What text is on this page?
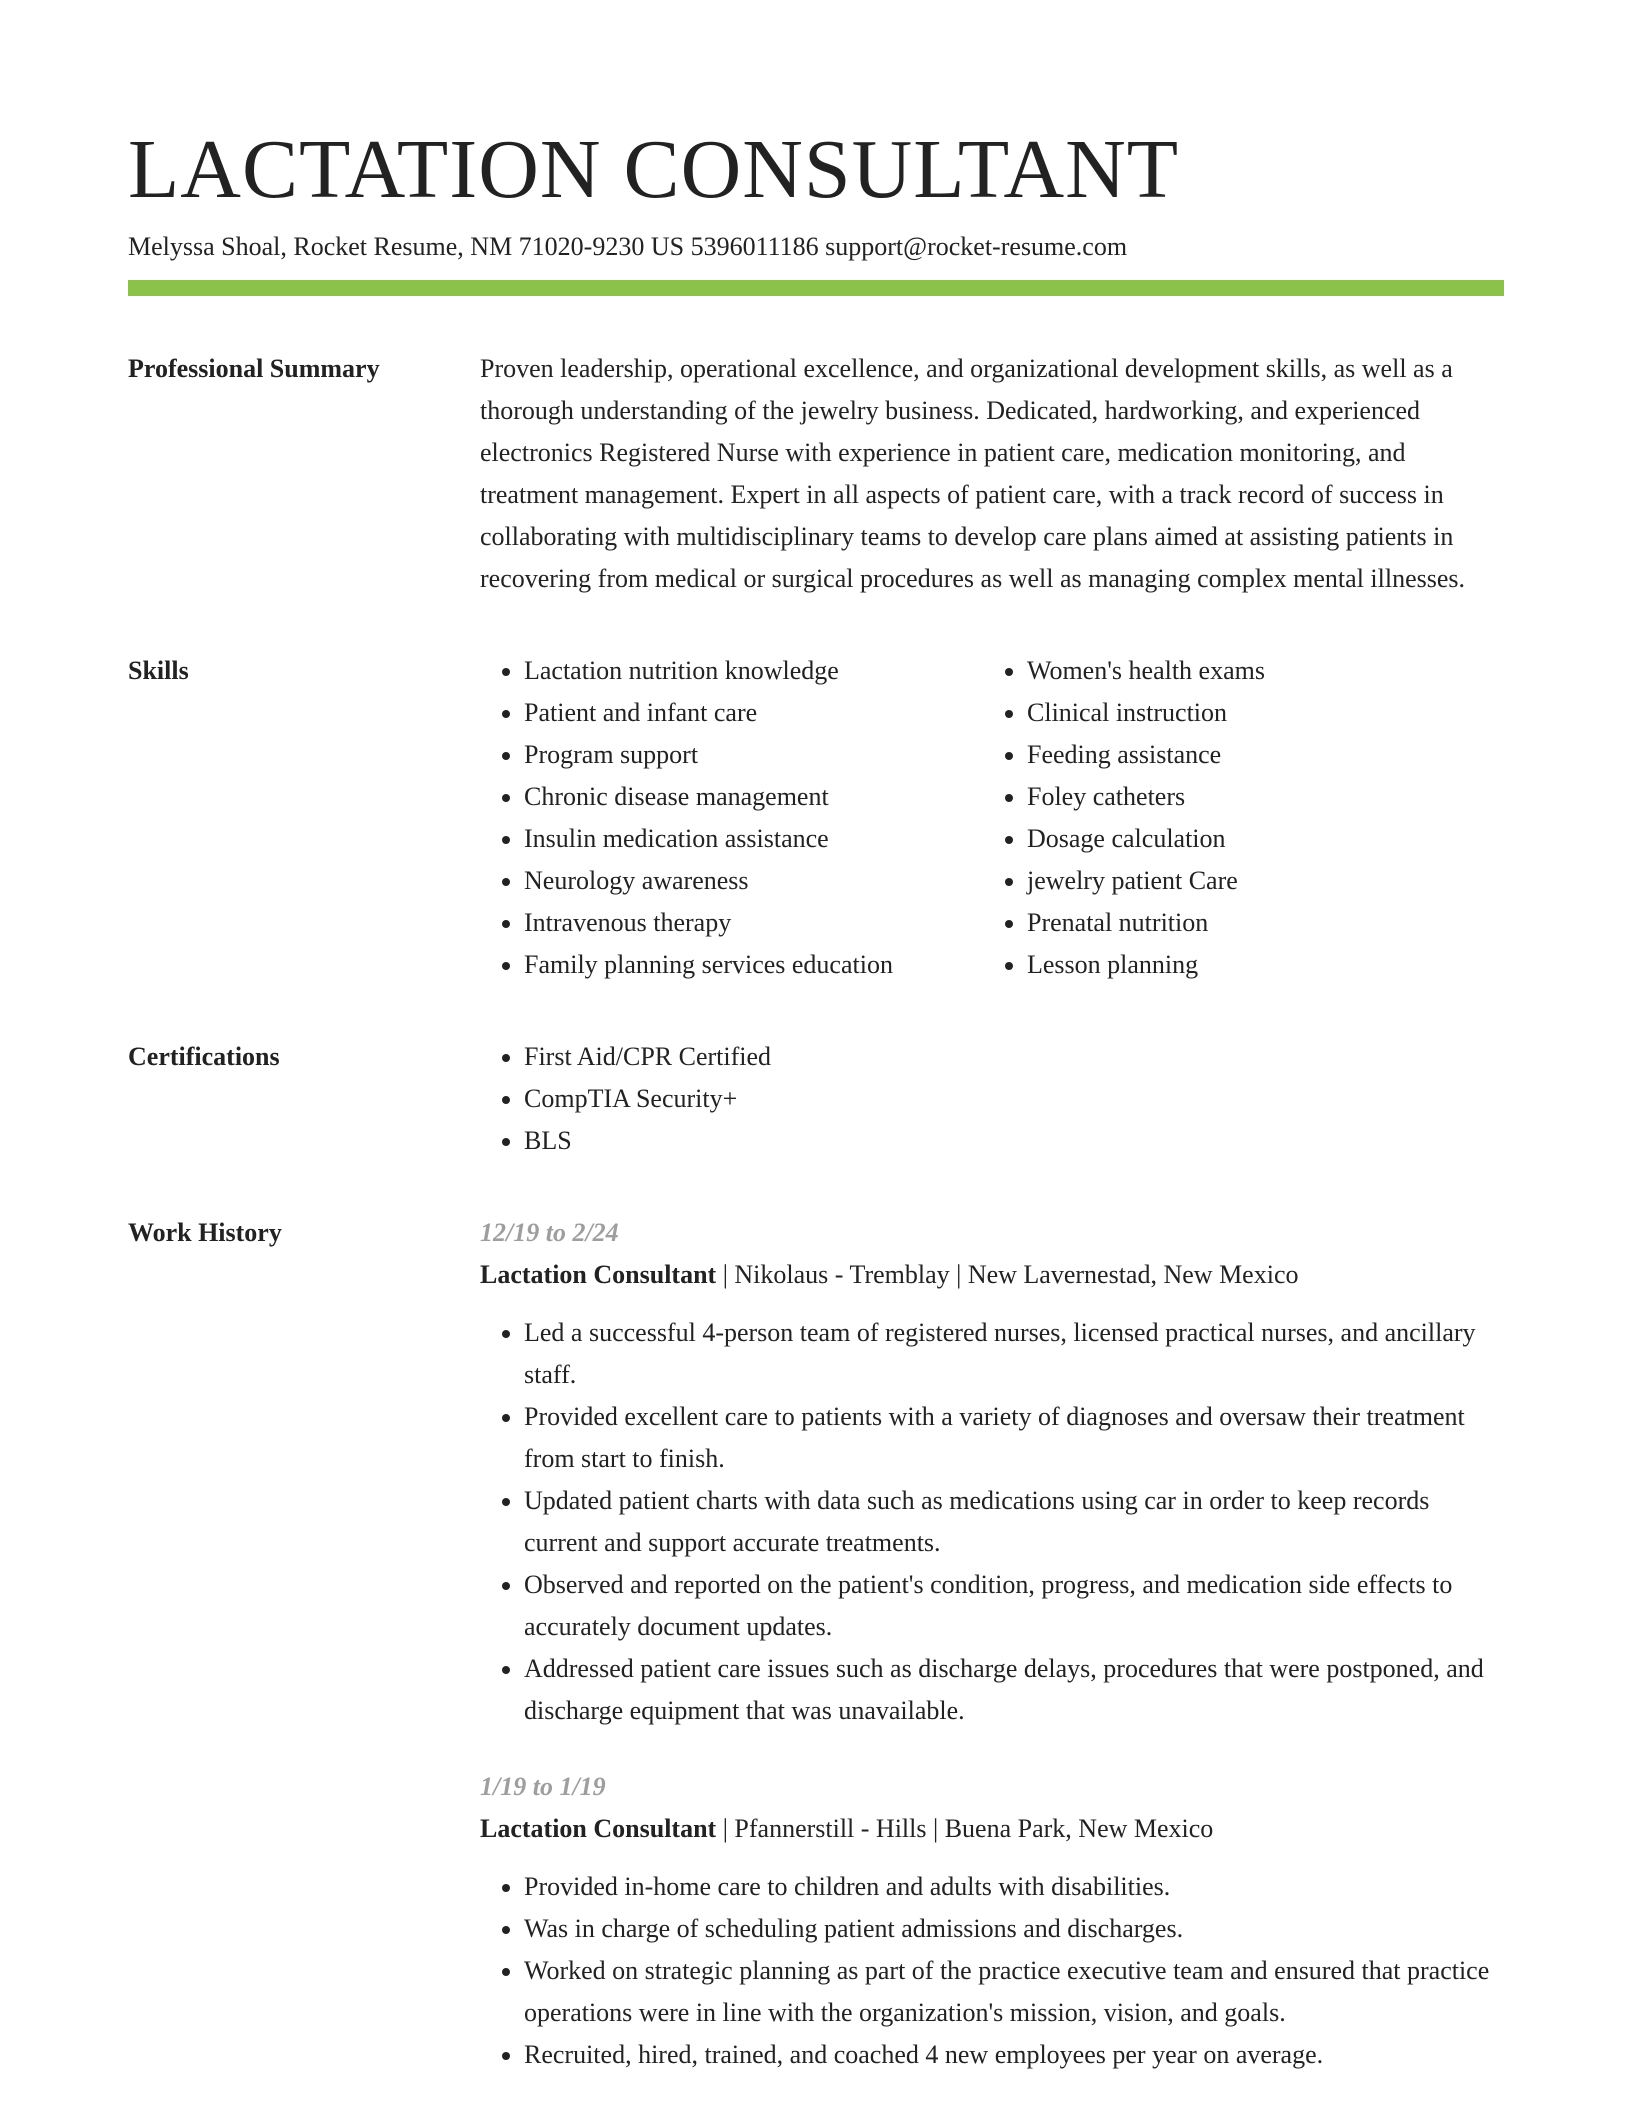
LACTATION CONSULTANT
Melyssa Shoal, Rocket Resume, NM 71020-9230 US 5396011186 support@rocket-resume.com
Professional Summary	Proven leadership, operational excellence, and organizational development skills, as well as a thorough understanding of the jewelry business. Dedicated, hardworking, and experienced electronics Registered Nurse with experience in patient care, medication monitoring, and treatment management. Expert in all aspects of patient care, with a track record of success in collaborating with multidisciplinary teams to develop care plans aimed at assisting patients in recovering from medical or surgical procedures as well as managing complex mental illnesses.

Skills	• Lactation nutrition knowledge
• Patient and infant care
• Program support
• Chronic disease management
• Insulin medication assistance
• Neurology awareness
• Intravenous therapy
• Family planning services education
• Women's health exams
• Clinical instruction
• Feeding assistance
• Foley catheters
• Dosage calculation
• jewelry patient Care
• Prenatal nutrition
• Lesson planning
Certifications	• First Aid/CPR Certified
• CompTIA Security+
• BLS
Work History	12/19 to 2/24
Lactation Consultant | Nikolaus - Tremblay | New Lavernestad, New Mexico
• Led a successful 4-person team of registered nurses, licensed practical nurses, and ancillary staff.
• Provided excellent care to patients with a variety of diagnoses and oversaw their treatment from start to finish.
• Updated patient charts with data such as medications using car in order to keep records current and support accurate treatments.
• Observed and reported on the patient's condition, progress, and medication side effects to accurately document updates.
• Addressed patient care issues such as discharge delays, procedures that were postponed, and discharge equipment that was unavailable.
1/19 to 1/19
Lactation Consultant | Pfannerstill - Hills | Buena Park, New Mexico
• Provided in-home care to children and adults with disabilities.
• Was in charge of scheduling patient admissions and discharges.
• Worked on strategic planning as part of the practice executive team and ensured that practice operations were in line with the organization's mission, vision, and goals.
• Recruited, hired, trained, and coached 4 new employees per year on average.
